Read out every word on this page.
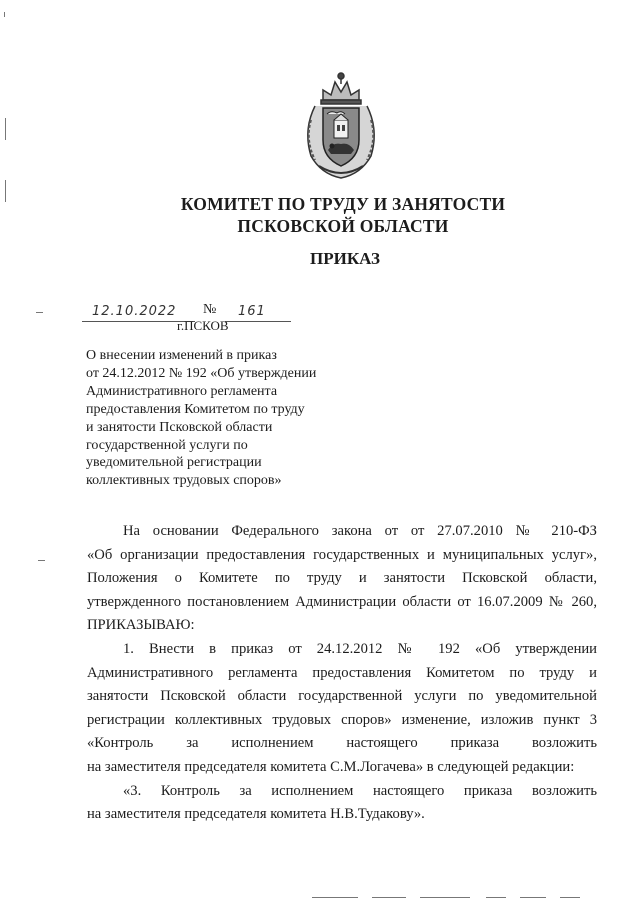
КОМИТЕТ ПО ТРУДУ И ЗАНЯТОСТИ
ПСКОВСКОЙ ОБЛАСТИ
ПРИКАЗ
12.10.2022 № 161
г.ПСКОВ
О внесении изменений в приказ
от 24.12.2012 № 192 «Об утверждении
Административного регламента
предоставления Комитетом по труду
и занятости Псковской области
государственной услуги по
уведомительной регистрации
коллективных трудовых споров»

На основании Федерального закона от от 27.07.2010 № 210-ФЗ

«Об организации предоставления государственных и муниципальных услуг»,

Положения о Комитете по труду и занятости Псковской области,

утвержденного постановлением Администрации области от 16.07.2009 № 260,

ПРИКАЗЫВАЮ:

1. Внести в приказ от 24.12.2012 № 192 «Об утверждении

Административного регламента предоставления Комитетом по труду и

занятости Псковской области государственной услуги по уведомительной

регистрации коллективных трудовых споров» изменение, изложив пункт 3

«Контроль за исполнением настоящего приказа возложить

на заместителя председателя комитета С.М.Логачева» в следующей редакции:

«3. Контроль за исполнением настоящего приказа возложить

на заместителя председателя комитета Н.В.Тудакову».
